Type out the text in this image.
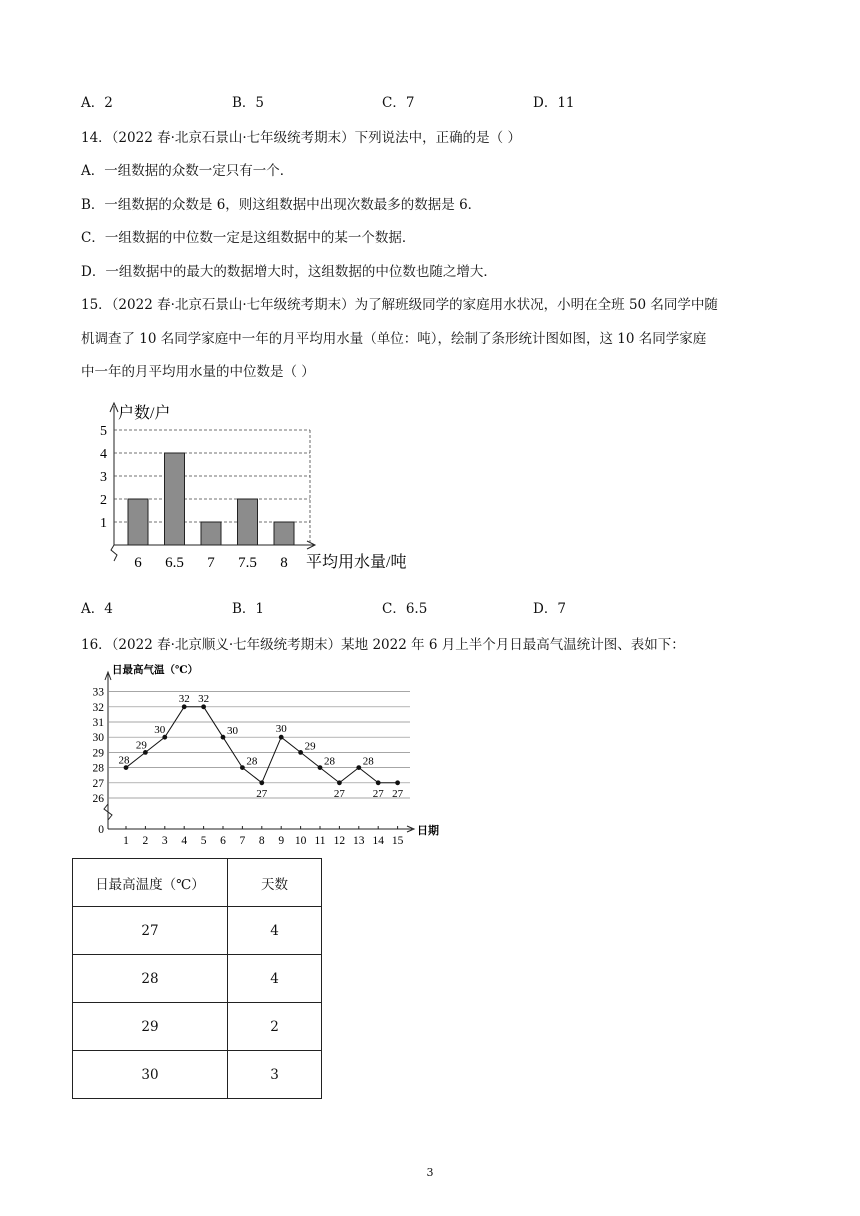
A．2	B．5	C．7	D．11
14．（2022 春·北京石景山·七年级统考期末）下列说法中，正确的是（ ）
A．一组数据的众数一定只有一个．
B．一组数据的众数是 6，则这组数据中出现次数最多的数据是 6．
C．一组数据的中位数一定是这组数据中的某一个数据．
D．一组数据中的最大的数据增大时，这组数据的中位数也随之增大．
15．（2022 春·北京石景山·七年级统考期末）为了解班级同学的家庭用水状况，小明在全班 50 名同学中随
机调查了 10 名同学家庭中一年的月平均用水量（单位：吨），绘制了条形统计图如图，这 10 名同学家庭
中一年的月平均用水量的中位数是（ ）
1
2
3
4
5
6 6.5 7 7.5 8
户数/户
平均用水量/吨
A．4	B．1	C．6.5	D．7
16．（2022 春·北京顺义·七年级统考期末）某地 2022 年 6 月上半个月日最高气温统计图、表如下：
日最高气温（℃）
0
26
27
28
29
30
31
32
33
日期
1 2 3 4 5 6 7 8 9 10 11 12 13 14 15
28
29
30
32 32
30
28
27
30
29
28
27
28
27 27
日最高温度（℃）	天数
27	4
28	4
29	2
30	3
3
